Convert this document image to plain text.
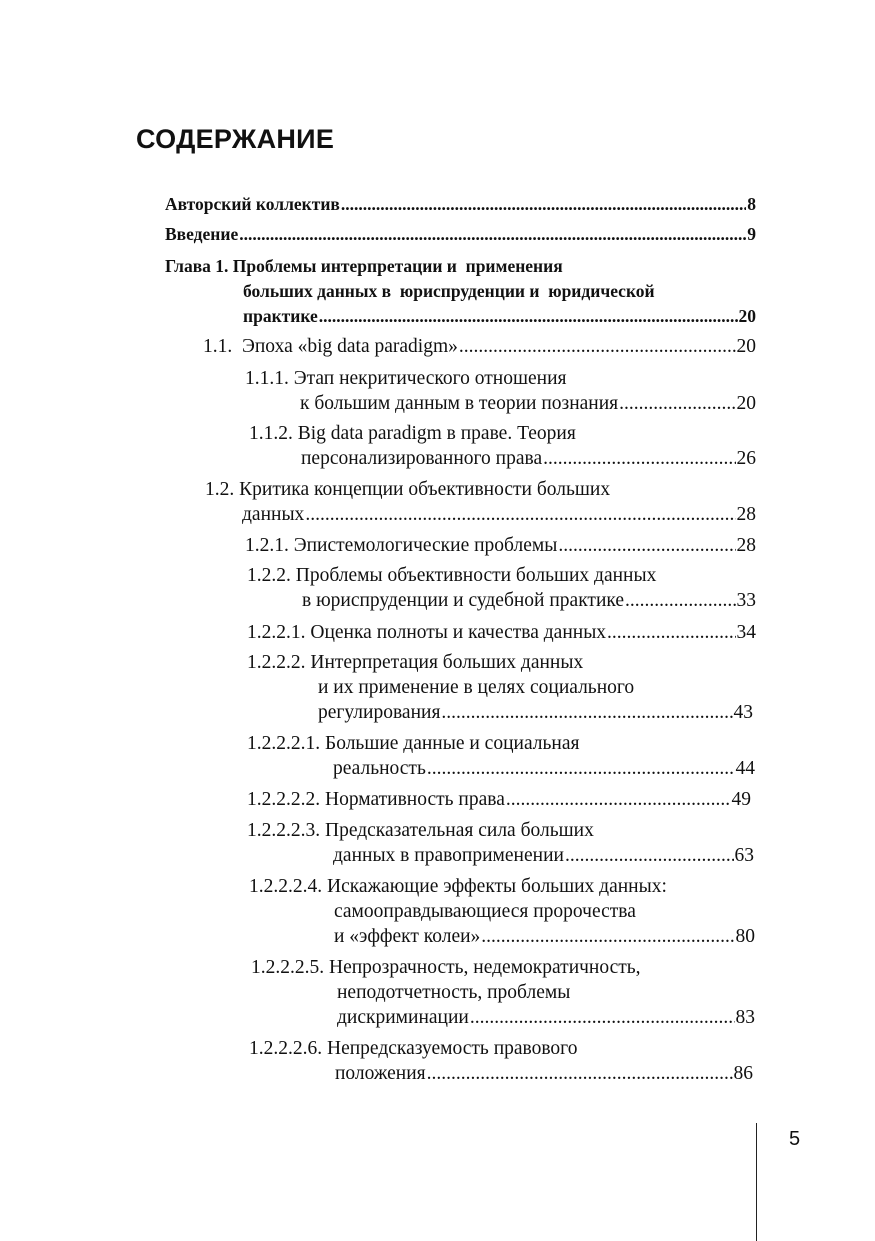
СОДЕРЖАНИЕ
Авторский коллектив .....	8
Введение .....	9
Глава 1. Проблемы интерпретации и  применения
больших данных в  юриспруденции и  юридической
практике .....	20
1.1.  Эпоха «big data paradigm» .....	20
1.1.1. Этап некритического отношения
к большим данным в теории познания .....	20
1.1.2. Big data paradigm в праве. Теория
персонализированного права .....	26
1.2. Критика концепции объективности больших
данных .....	28
1.2.1. Эпистемологические проблемы .....	28
1.2.2. Проблемы объективности больших данных
в юриспруденции и судебной практике .....	33
1.2.2.1. Оценка полноты и качества данных .....	34
1.2.2.2. Интерпретация больших данных
и их применение в целях социального
регулирования .....	43
1.2.2.2.1. Большие данные и социальная
реальность .....	44
1.2.2.2.2. Нормативность права .....	49
1.2.2.2.3. Предсказательная сила больших
данных в правоприменении .....	63
1.2.2.2.4. Искажающие эффекты больших данных:
самооправдывающиеся пророчества
и «эффект колеи» .....	80
1.2.2.2.5. Непрозрачность, недемократичность,
неподотчетность, проблемы
дискриминации .....	83
1.2.2.2.6. Непредсказуемость правового
положения .....	86
5
